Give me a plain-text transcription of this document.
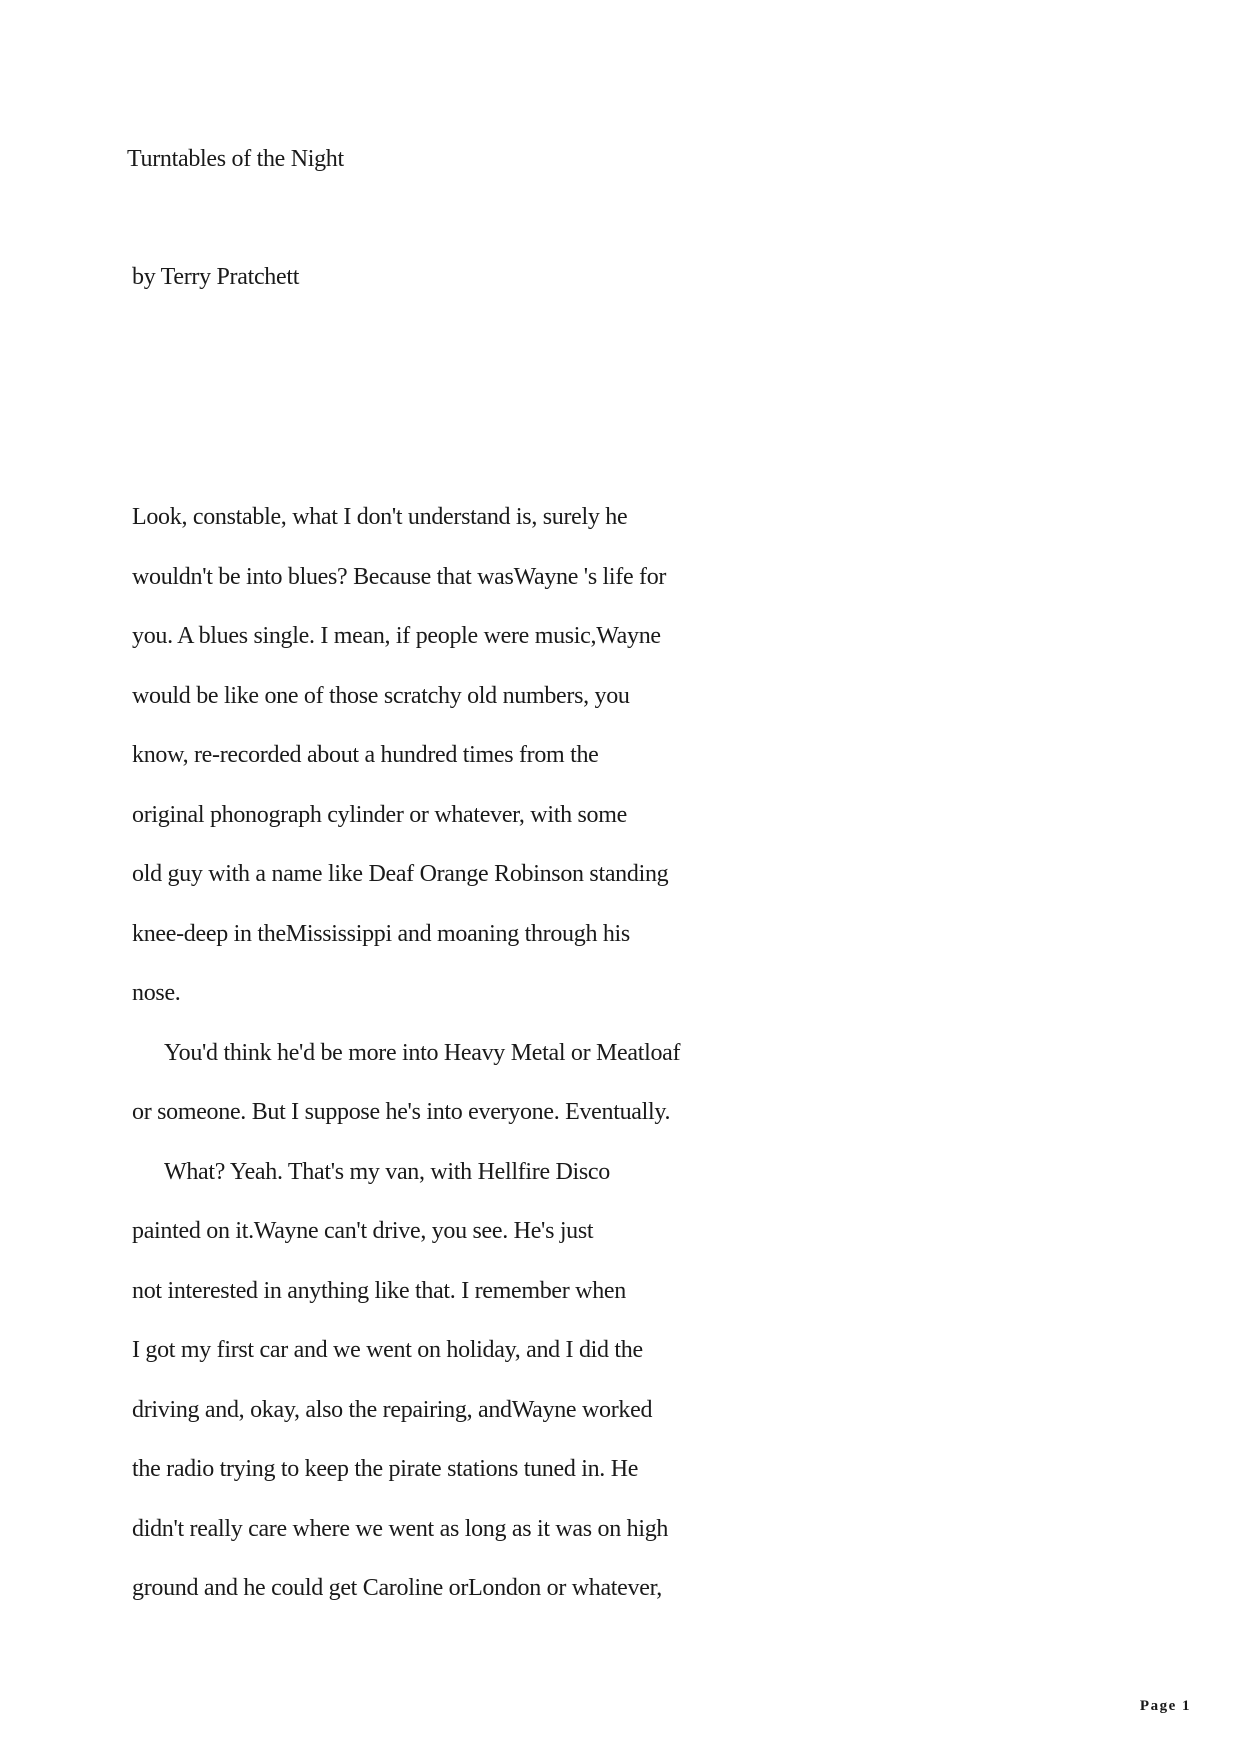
Turntables of the Night
by Terry Pratchett
Look, constable, what I don't understand is, surely he
wouldn't be into blues? Because that wasWayne 's life for
you. A blues single. I mean, if people were music,Wayne
would be like one of those scratchy old numbers, you
know, re-recorded about a hundred times from the
original phonograph cylinder or whatever, with some
old guy with a name like Deaf Orange Robinson standing
knee-deep in theMississippi and moaning through his
nose.
You'd think he'd be more into Heavy Metal or Meatloaf
or someone. But I suppose he's into everyone. Eventually.
What? Yeah. That's my van, with Hellfire Disco
painted on it.Wayne can't drive, you see. He's just
not interested in anything like that. I remember when
I got my first car and we went on holiday, and I did the
driving and, okay, also the repairing, andWayne worked
the radio trying to keep the pirate stations tuned in. He
didn't really care where we went as long as it was on high
ground and he could get Caroline orLondon or whatever,
Page 1
